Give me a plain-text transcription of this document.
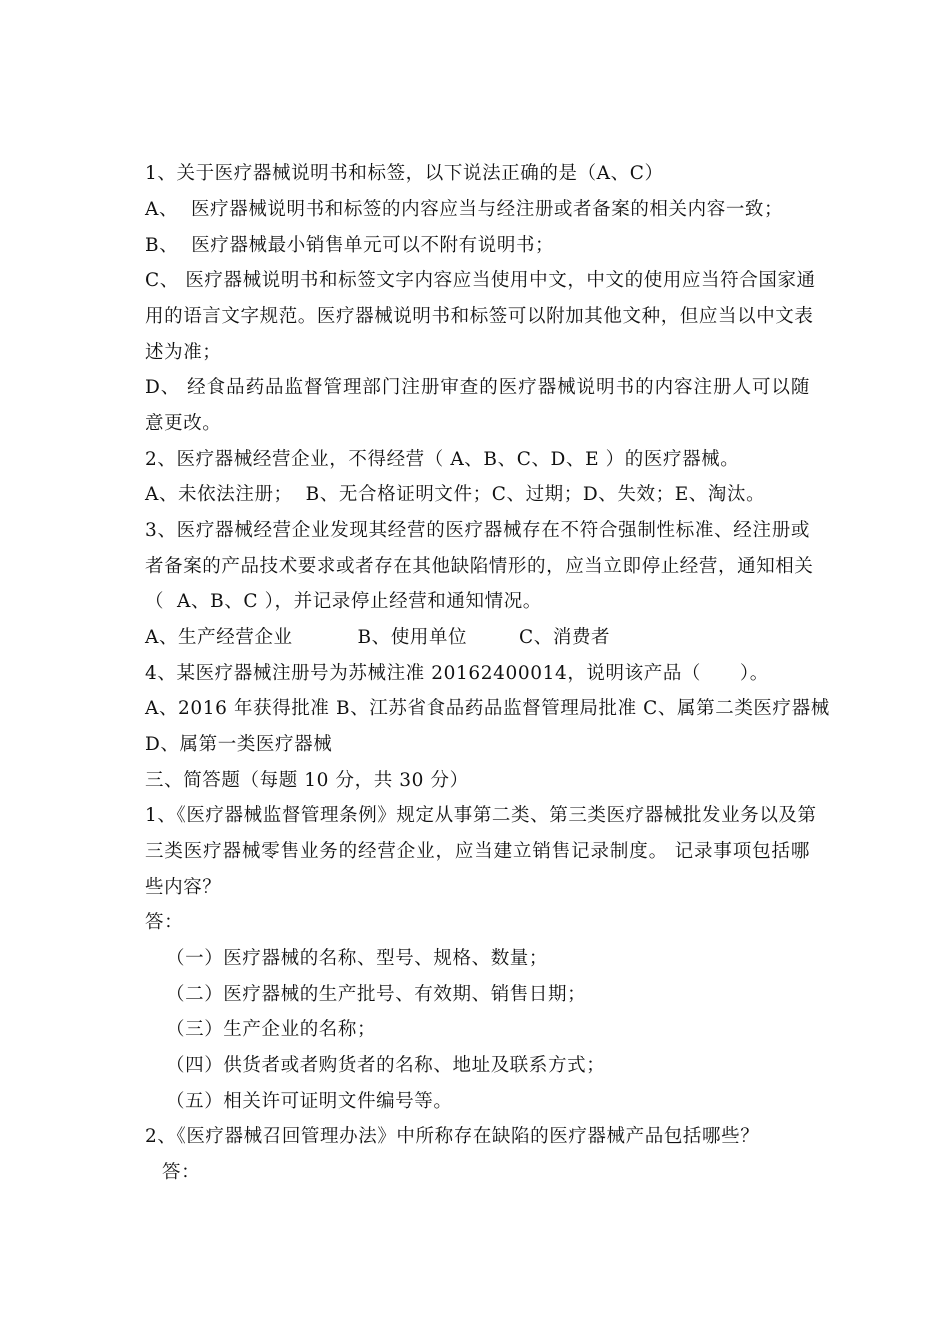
1、关于医疗器械说明书和标签，以下说法正确的是（A、C）
A、  医疗器械说明书和标签的内容应当与经注册或者备案的相关内容一致；
B、  医疗器械最小销售单元可以不附有说明书；
C、 医疗器械说明书和标签文字内容应当使用中文，中文的使用应当符合国家通
用的语言文字规范。医疗器械说明书和标签可以附加其他文种，但应当以中文表
述为准；
D、 经食品药品监督管理部门注册审查的医疗器械说明书的内容注册人可以随
意更改。
2、医疗器械经营企业，不得经营（ A、B、C、D、E ）的医疗器械。
A、未依法注册；  B、无合格证明文件；C、过期；D、失效；E、淘汰。
3、医疗器械经营企业发现其经营的医疗器械存在不符合强制性标准、经注册或
者备案的产品技术要求或者存在其他缺陷情形的，应当立即停止经营，通知相关
（  A、B、C ），并记录停止经营和通知情况。
A、生产经营企业          B、使用单位        C、消费者
4、某医疗器械注册号为苏械注准 20162400014，说明该产品（      ）。
A、2016 年获得批准 B、江苏省食品药品监督管理局批准 C、属第二类医疗器械
D、属第一类医疗器械
三、简答题（每题 10 分，共 30 分）
1、《医疗器械监督管理条例》规定从事第二类、第三类医疗器械批发业务以及第
三类医疗器械零售业务的经营企业，应当建立销售记录制度。 记录事项包括哪
些内容？
答：
（一）医疗器械的名称、型号、规格、数量；
（二）医疗器械的生产批号、有效期、销售日期；
（三）生产企业的名称；
（四）供货者或者购货者的名称、地址及联系方式；
（五）相关许可证明文件编号等。
2、《医疗器械召回管理办法》中所称存在缺陷的医疗器械产品包括哪些？
答：
